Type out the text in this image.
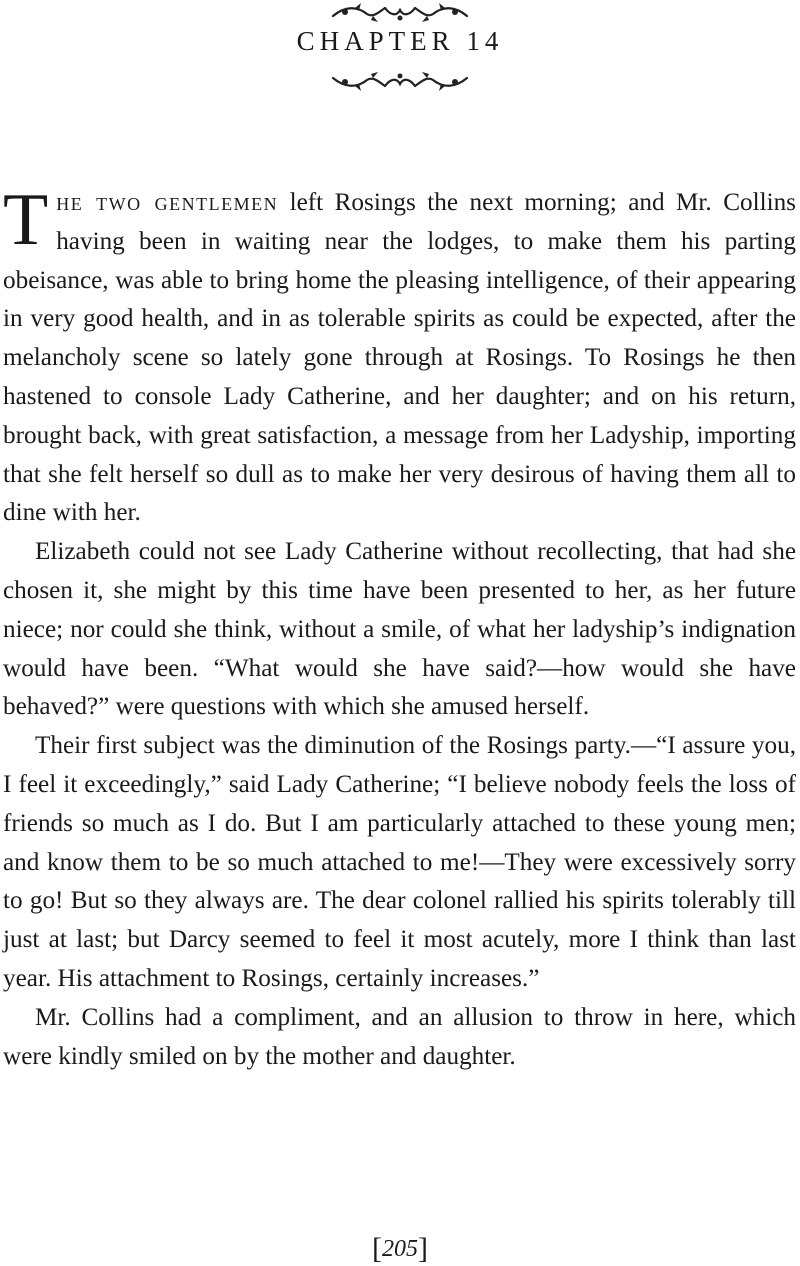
CHAPTER 14

The two gentlemen left Rosings the next morning; and Mr. Collins having been in waiting near the lodges, to make them his parting obeisance, was able to bring home the pleasing intelligence, of their appearing in very good health, and in as tolerable spirits as could be expected, after the melancholy scene so lately gone through at Rosings. To Rosings he then hastened to console Lady Catherine, and her daughter; and on his return, brought back, with great satisfaction, a message from her Ladyship, importing that she felt herself so dull as to make her very desirous of having them all to dine with her.

Elizabeth could not see Lady Catherine without recollecting, that had she chosen it, she might by this time have been presented to her, as her future niece; nor could she think, without a smile, of what her ladyship’s indignation would have been. “What would she have said?—how would she have behaved?” were questions with which she amused herself.

Their first subject was the diminution of the Rosings party.—“I assure you, I feel it exceedingly,” said Lady Catherine; “I believe nobody feels the loss of friends so much as I do. But I am particularly attached to these young men; and know them to be so much attached to me!—They were excessively sorry to go! But so they always are. The dear colonel rallied his spirits tolerably till just at last; but Darcy seemed to feel it most acutely, more I think than last year. His attachment to Rosings, certainly increases.”

Mr. Collins had a compliment, and an allusion to throw in here, which were kindly smiled on by the mother and daughter.

[205]
